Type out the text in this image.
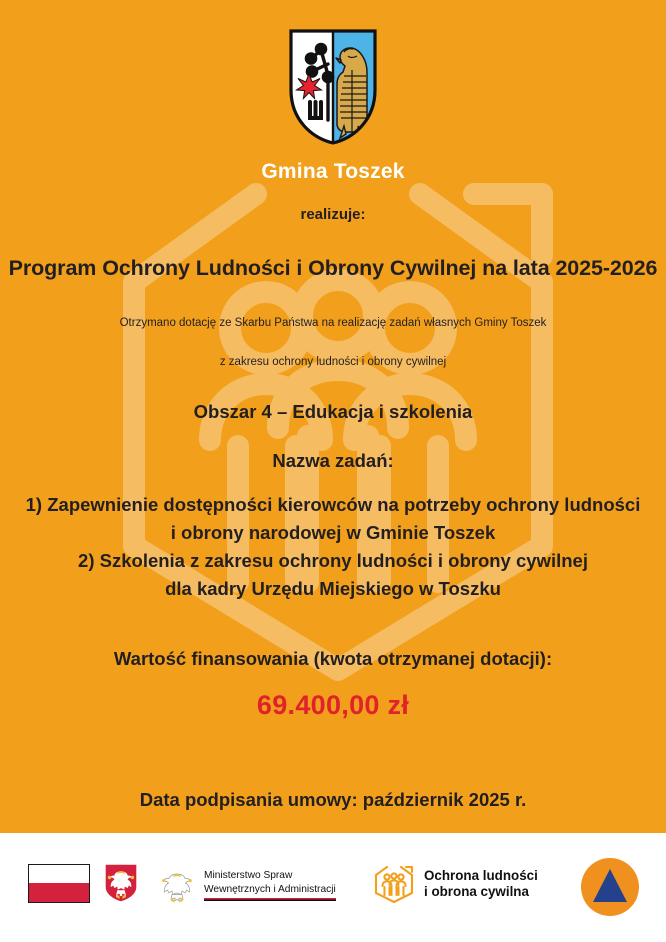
Gmina Toszek
realizuje:
Program Ochrony Ludności i Obrony Cywilnej na lata 2025-2026
Otrzymano dotację ze Skarbu Państwa na realizację zadań własnych Gminy Toszek
z zakresu ochrony ludności i obrony cywilnej
Obszar 4 – Edukacja i szkolenia
Nazwa zadań:
1) Zapewnienie dostępności kierowców na potrzeby ochrony ludności
i obrony narodowej w Gminie Toszek
2) Szkolenia z zakresu ochrony ludności i obrony cywilnej
dla kadry Urzędu Miejskiego w Toszku
Wartość finansowania (kwota otrzymanej dotacji):
69.400,00 zł
Data podpisania umowy: październik 2025 r.
Ministerstwo Spraw
Wewnętrznych i Administracji
Ochrona ludności
i obrona cywilna
